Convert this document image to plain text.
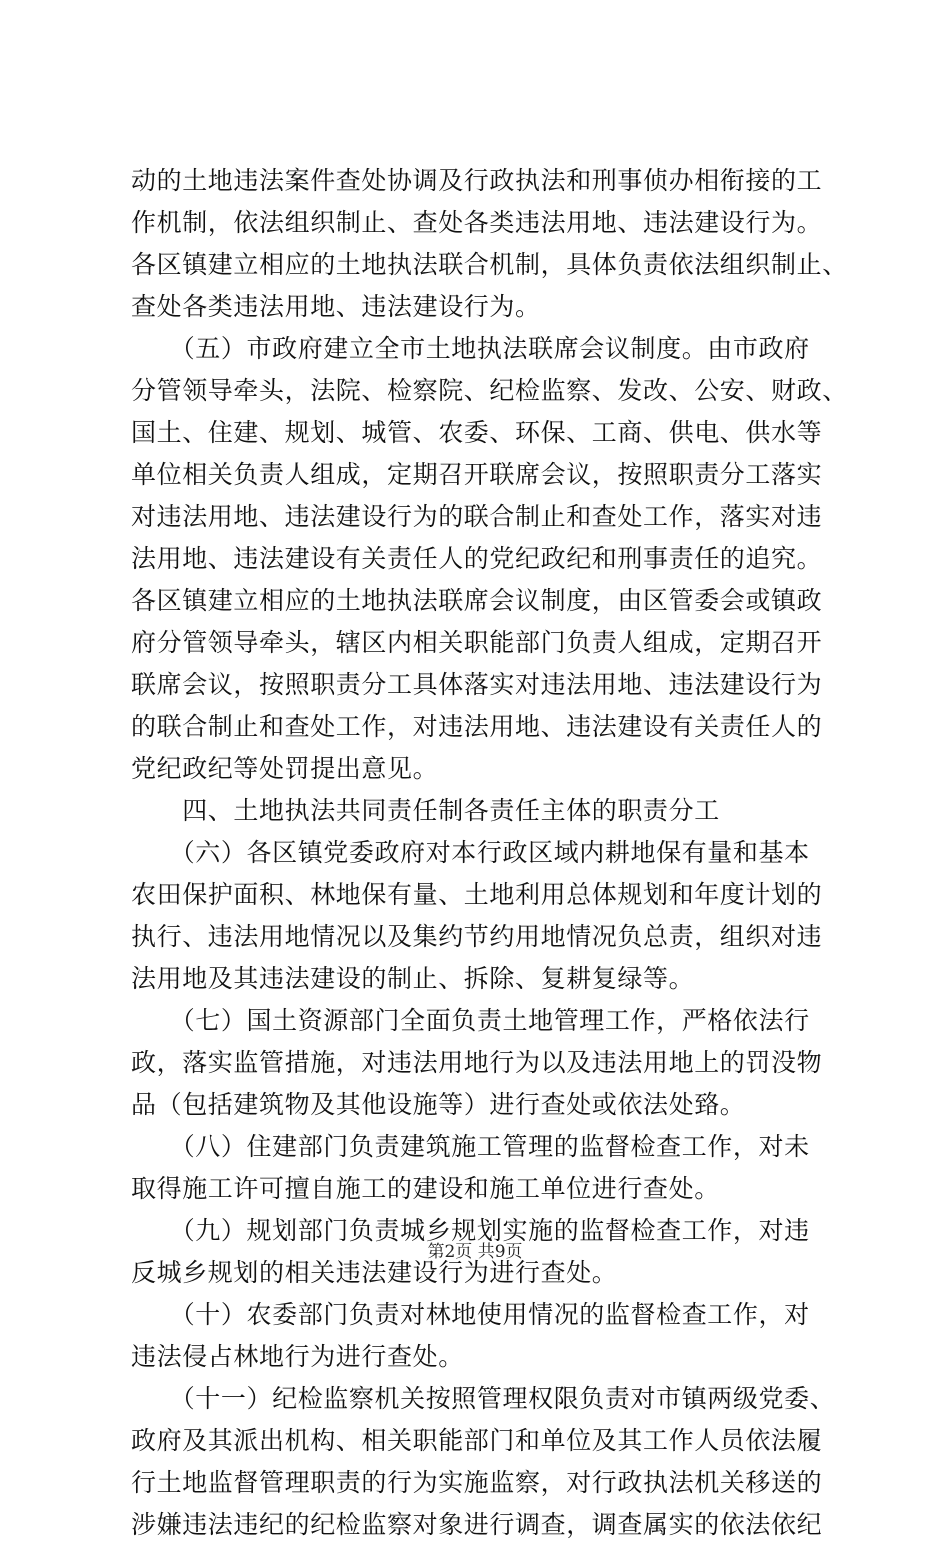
动的土地违法案件查处协调及行政执法和刑事侦办相衔接的工
作机制，依法组织制止、查处各类违法用地、违法建设行为。
各区镇建立相应的土地执法联合机制，具体负责依法组织制止、
查处各类违法用地、违法建设行为。
　　（五）市政府建立全市土地执法联席会议制度。由市政府
分管领导牵头，法院、检察院、纪检监察、发改、公安、财政、
国土、住建、规划、城管、农委、环保、工商、供电、供水等
单位相关负责人组成，定期召开联席会议，按照职责分工落实
对违法用地、违法建设行为的联合制止和查处工作，落实对违
法用地、违法建设有关责任人的党纪政纪和刑事责任的追究。
各区镇建立相应的土地执法联席会议制度，由区管委会或镇政
府分管领导牵头，辖区内相关职能部门负责人组成，定期召开
联席会议，按照职责分工具体落实对违法用地、违法建设行为
的联合制止和查处工作，对违法用地、违法建设有关责任人的
党纪政纪等处罚提出意见。
　　四、土地执法共同责任制各责任主体的职责分工
　　（六）各区镇党委政府对本行政区域内耕地保有量和基本
农田保护面积、林地保有量、土地利用总体规划和年度计划的
执行、违法用地情况以及集约节约用地情况负总责，组织对违
法用地及其违法建设的制止、拆除、复耕复绿等。
　　（七）国土资源部门全面负责土地管理工作，严格依法行
政，落实监管措施，对违法用地行为以及违法用地上的罚没物
品（包括建筑物及其他设施等）进行查处或依法处臵。
　　（八）住建部门负责建筑施工管理的监督检查工作，对未
取得施工许可擅自施工的建设和施工单位进行查处。
　　（九）规划部门负责城乡规划实施的监督检查工作，对违
反城乡规划的相关违法建设行为进行查处。
　　（十）农委部门负责对林地使用情况的监督检查工作，对
违法侵占林地行为进行查处。
　　（十一）纪检监察机关按照管理权限负责对市镇两级党委、
政府及其派出机构、相关职能部门和单位及其工作人员依法履
行土地监督管理职责的行为实施监察，对行政执法机关移送的
涉嫌违法违纪的纪检监察对象进行调查，调查属实的依法依纪
第2页 共9页
